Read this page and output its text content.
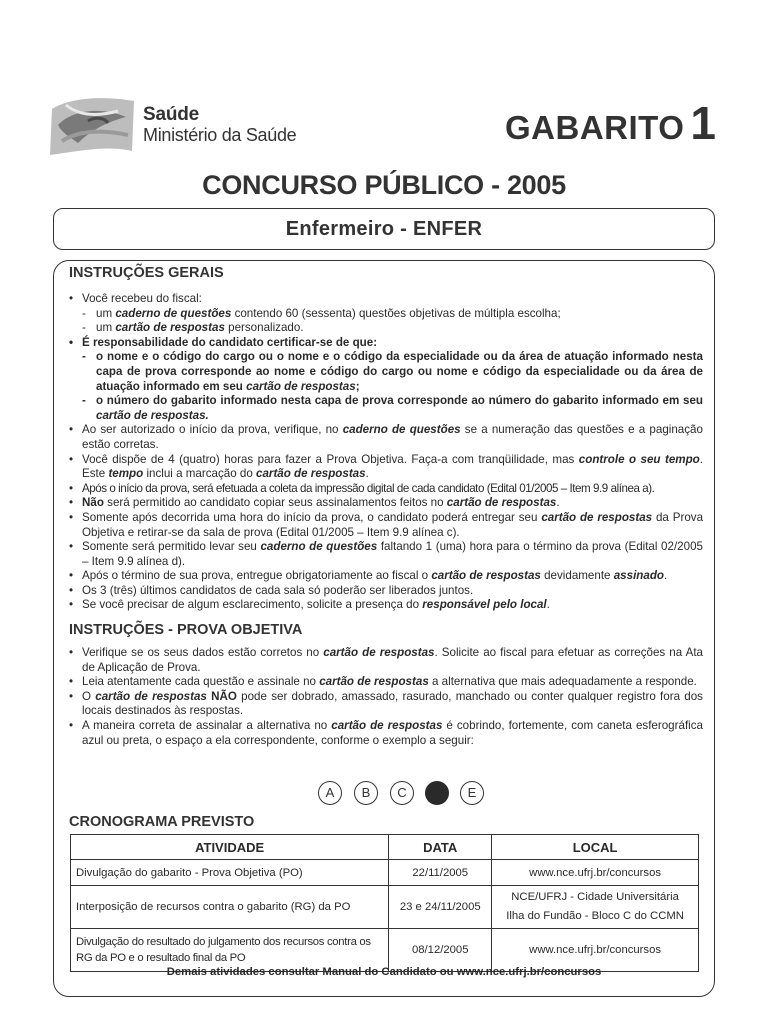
Saúde
Ministério da Saúde	GABARITO 1
CONCURSO PÚBLICO - 2005
Enfermeiro - ENFER
INSTRUÇÕES GERAIS
• Você recebeu do fiscal:
- um caderno de questões contendo 60 (sessenta) questões objetivas de múltipla escolha;
- um cartão de respostas personalizado.
• É responsabilidade do candidato certificar-se de que:
- o nome e o código do cargo ou o nome e o código da especialidade ou da área de atuação informado nesta capa de prova corresponde ao nome e código do cargo ou nome e código da especialidade ou da área de atuação informado em seu cartão de respostas;
- o número do gabarito informado nesta capa de prova corresponde ao número do gabarito informado em seu cartão de respostas.
• Ao ser autorizado o início da prova, verifique, no caderno de questões se a numeração das questões e a paginação estão corretas.
• Você dispõe de 4 (quatro) horas para fazer a Prova Objetiva. Faça-a com tranqüilidade, mas controle o seu tempo. Este tempo inclui a marcação do cartão de respostas.
• Após o início da prova, será efetuada a coleta da impressão digital de cada candidato (Edital 01/2005 – Item 9.9 alínea a).
• Não será permitido ao candidato copiar seus assinalamentos feitos no cartão de respostas.
• Somente após decorrida uma hora do início da prova, o candidato poderá entregar seu cartão de respostas da Prova Objetiva e retirar-se da sala de prova (Edital 01/2005 – Item 9.9 alínea c).
• Somente será permitido levar seu caderno de questões faltando 1 (uma) hora para o término da prova (Edital 02/2005 – Item 9.9 alínea d).
• Após o término de sua prova, entregue obrigatoriamente ao fiscal o cartão de respostas devidamente assinado.
• Os 3 (três) últimos candidatos de cada sala só poderão ser liberados juntos.
• Se você precisar de algum esclarecimento, solicite a presença do responsável pelo local.
INSTRUÇÕES - PROVA OBJETIVA
• Verifique se os seus dados estão corretos no cartão de respostas. Solicite ao fiscal para efetuar as correções na Ata de Aplicação de Prova.
• Leia atentamente cada questão e assinale no cartão de respostas a alternativa que mais adequadamente a responde.
• O cartão de respostas NÃO pode ser dobrado, amassado, rasurado, manchado ou conter qualquer registro fora dos locais destinados às respostas.
• A maneira correta de assinalar a alternativa no cartão de respostas é cobrindo, fortemente, com caneta esferográfica azul ou preta, o espaço a ela correspondente, conforme o exemplo a seguir:
A	B	C	E
CRONOGRAMA PREVISTO
ATIVIDADE	DATA	LOCAL
Divulgação do gabarito - Prova Objetiva (PO)	22/11/2005	www.nce.ufrj.br/concursos
Interposição de recursos contra o gabarito (RG) da PO	23 e 24/11/2005	NCE/UFRJ - Cidade Universitária
Ilha do Fundão - Bloco C do CCMN

Divulgação do resultado do julgamento dos recursos contra os RG da PO e o resultado final da PO	08/12/2005	www.nce.ufrj.br/concursos
Demais atividades consultar Manual do Candidato ou www.nce.ufrj.br/concursos
